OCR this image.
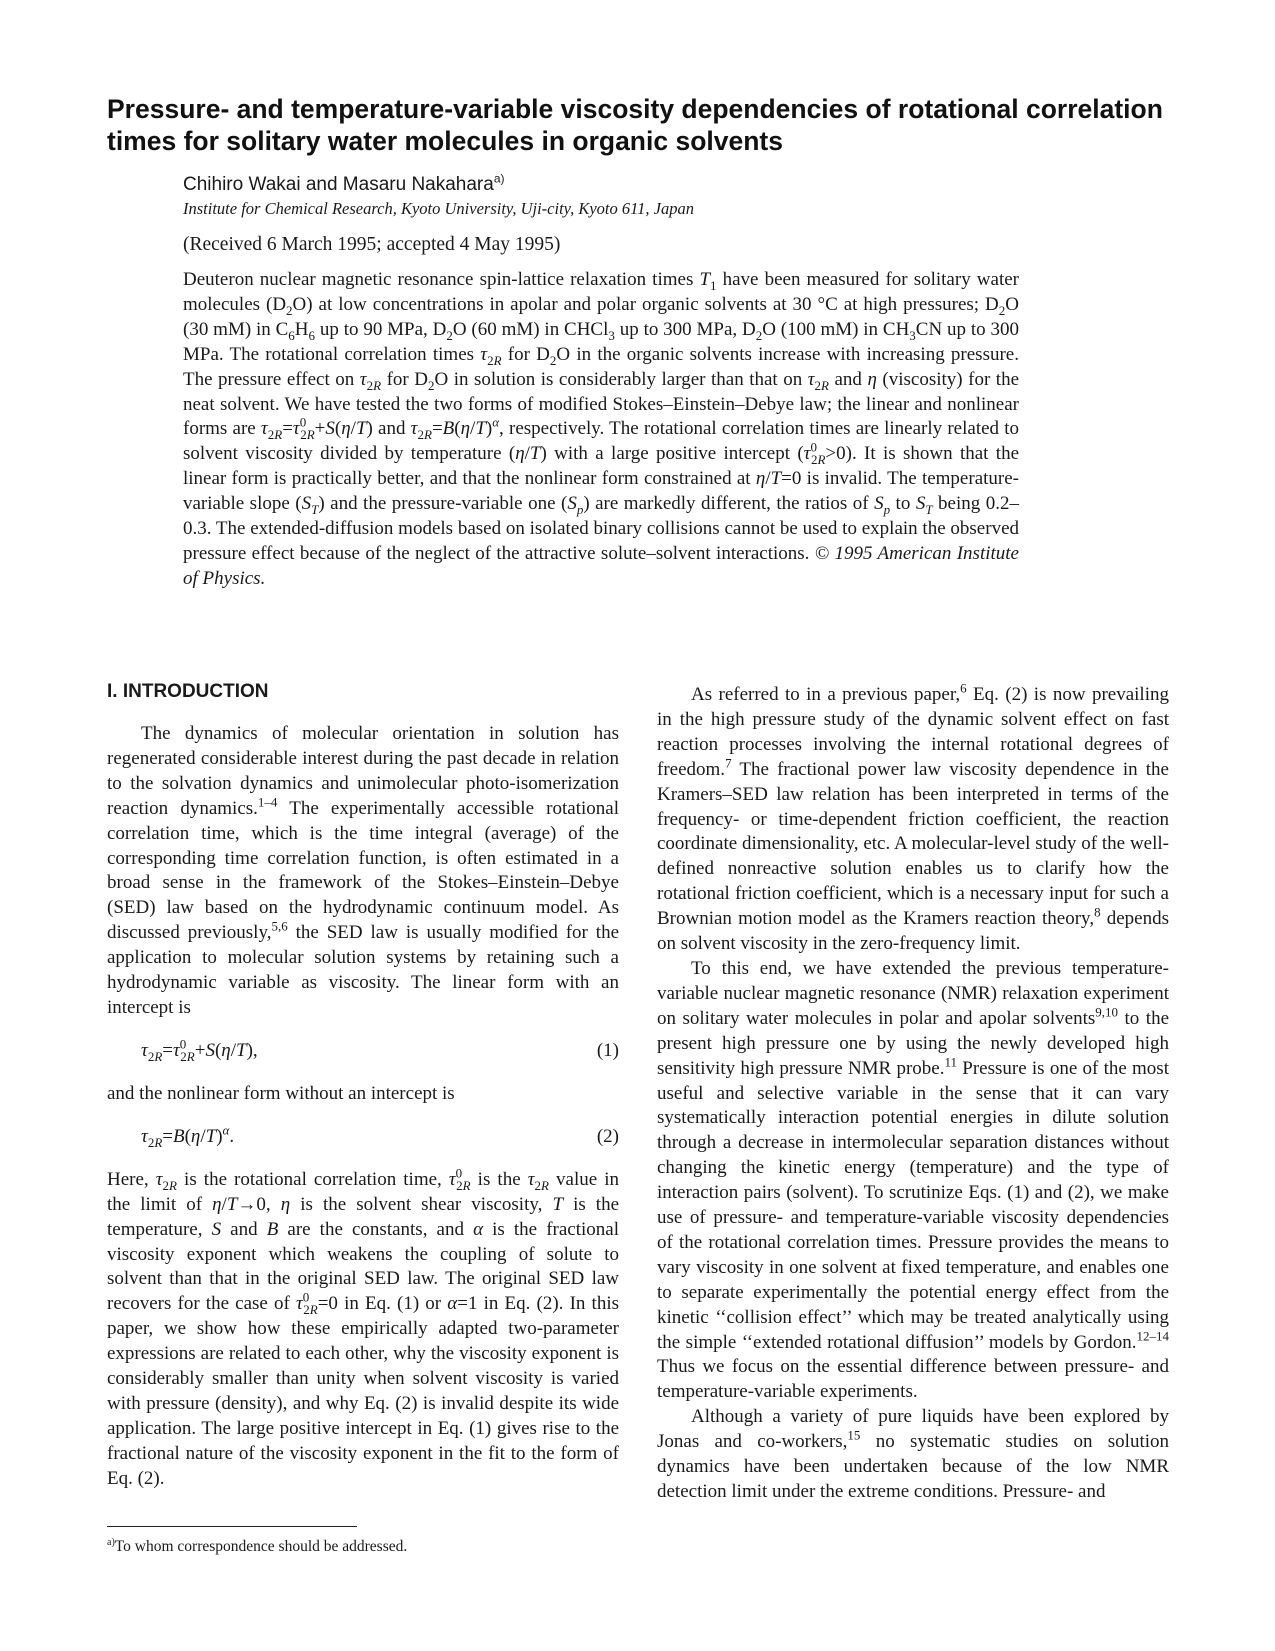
Pressure- and temperature-variable viscosity dependencies of rotational correlation times for solitary water molecules in organic solvents

Chihiro Wakai and Masaru Nakahara$^{a)}$

Institute for Chemical Research, Kyoto University, Uji-city, Kyoto 611, Japan

(Received 6 March 1995; accepted 4 May 1995)

Deuteron nuclear magnetic resonance spin-lattice relaxation times $T_1$ have been measured for solitary water molecules $(D_2O)$ at low concentrations in apolar and polar organic solvents at 30 °C at high pressures; $D_2O$ (30 mM) in $C_6H_6$ up to 90 MPa, $D_2O$ (60 mM) in CHCl$_3$ up to 300 MPa, $D_2O$ (100 mM) in $CH_3CN$ up to 300 MPa. The rotational correlation times $\tau_{2R}$ for $D_2O$ in the organic solvents increase with increasing pressure. The pressure effect on $\tau_{2R}$ for $D_2O$ in solution is considerably larger than that on $\tau_{2R}$ and η (viscosity) for the neat solvent. We have tested the two forms of modified Stokes–Einstein–Debye law; the linear and nonlinear forms are $\tau_{2R}=\tau^0_{2R}+S(\eta/T)$ and $\tau_{2R}=B(\eta/T)^\alpha$, respectively. The rotational correlation times are linearly related to solvent viscosity divided by temperature (η/T) with a large positive intercept $(\tau^0_{2R}>0)$. It is shown that the linear form is practically better, and that the nonlinear form constrained at η/T=0 is invalid. The temperature-variable slope $(S_T)$ and the pressure-variable one $(S_p)$ are markedly different, the ratios of $S_p$ to $S_T$ being 0.2–0.3. The extended-diffusion models based on isolated binary collisions cannot be used to explain the observed pressure effect because of the neglect of the attractive solute–solvent interactions. © 1995 American Institute of Physics.

I. INTRODUCTION

The dynamics of molecular orientation in solution has regenerated considerable interest during the past decade in relation to the solvation dynamics and unimolecular photo-isomerization reaction dynamics.$^{1-4}$ The experimentally accessible rotational correlation time, which is the time integral (average) of the corresponding time correlation function, is often estimated in a broad sense in the framework of the Stokes–Einstein–Debye (SED) law based on the hydrodynamic continuum model. As discussed previously,$^{5,6}$ the SED law is usually modified for the application to molecular solution systems by retaining such a hydrodynamic variable as viscosity. The linear form with an intercept is

$\tau_{2R}=\tau^0_{2R}+S(\eta/T)$,	(1)

and the nonlinear form without an intercept is

$\tau_{2R}=B(\eta/T)^\alpha$.	(2)

Here, $\tau_{2R}$ is the rotational correlation time, $\tau^0_{2R}$ is the $\tau_{2R}$ value in the limit of η/T→0, η is the solvent shear viscosity, T is the temperature, S and B are the constants, and α is the fractional viscosity exponent which weakens the coupling of solute to solvent than that in the original SED law. The original SED law recovers for the case of $\tau^0_{2R}=0$ in Eq. (1) or α=1 in Eq. (2). In this paper, we show how these empirically adapted two-parameter expressions are related to each other, why the viscosity exponent is considerably smaller than unity when solvent viscosity is varied with pressure (density), and why Eq. (2) is invalid despite its wide application. The large positive intercept in Eq. (1) gives rise to the fractional nature of the viscosity exponent in the fit to the form of Eq. (2).

As referred to in a previous paper,$^6$ Eq. (2) is now prevailing in the high pressure study of the dynamic solvent effect on fast reaction processes involving the internal rotational degrees of freedom.$^7$ The fractional power law viscosity dependence in the Kramers–SED law relation has been interpreted in terms of the frequency- or time-dependent friction coefficient, the reaction coordinate dimensionality, etc. A molecular-level study of the well-defined nonreactive solution enables us to clarify how the rotational friction coefficient, which is a necessary input for such a Brownian motion model as the Kramers reaction theory,$^8$ depends on solvent viscosity in the zero-frequency limit.

To this end, we have extended the previous temperature-variable nuclear magnetic resonance (NMR) relaxation experiment on solitary water molecules in polar and apolar solvents$^{9,10}$ to the present high pressure one by using the newly developed high sensitivity high pressure NMR probe.$^{11}$ Pressure is one of the most useful and selective variable in the sense that it can vary systematically interaction potential energies in dilute solution through a decrease in intermolecular separation distances without changing the kinetic energy (temperature) and the type of interaction pairs (solvent). To scrutinize Eqs. (1) and (2), we make use of pressure- and temperature-variable viscosity dependencies of the rotational correlation times. Pressure provides the means to vary viscosity in one solvent at fixed temperature, and enables one to separate experimentally the potential energy effect from the kinetic ‘‘collision effect’’ which may be treated analytically using the simple ‘‘extended rotational diffusion’’ models by Gordon.$^{12-14}$ Thus we focus on the essential difference between pressure- and temperature-variable experiments.

Although a variety of pure liquids have been explored by Jonas and co-workers,$^{15}$ no systematic studies on solution dynamics have been undertaken because of the low NMR detection limit under the extreme conditions. Pressure- and

$^{a)}$To whom correspondence should be addressed.
